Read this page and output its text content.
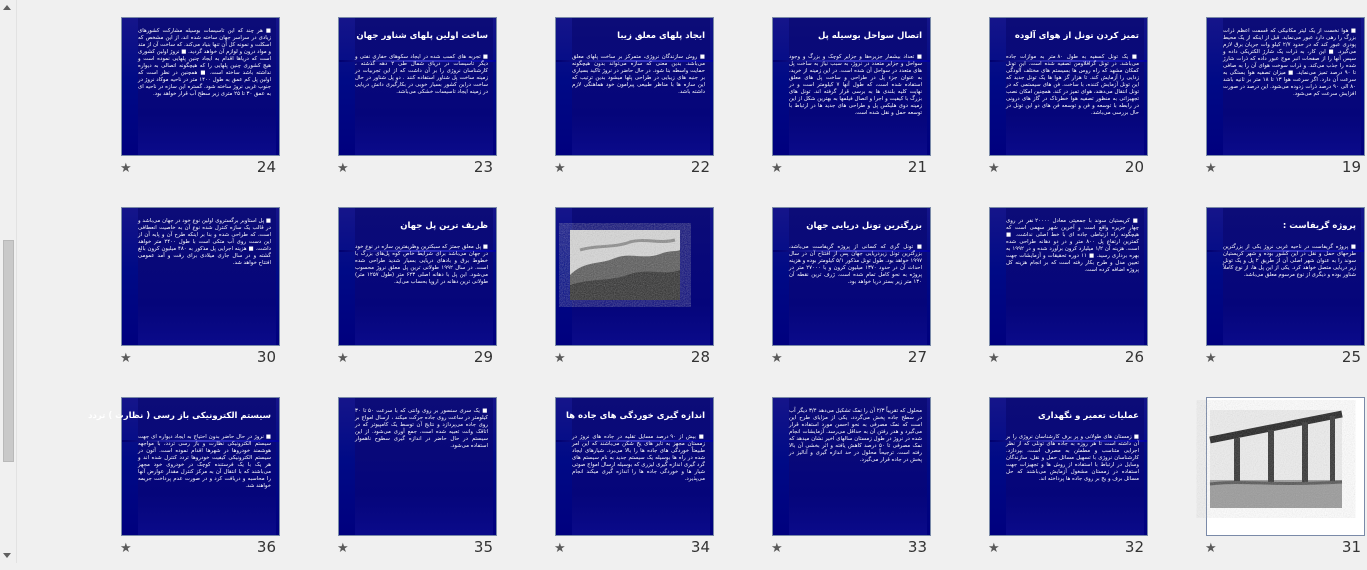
■ هوا نخست از یک لیتر مکانیکی که قسمت اعظم ذرات بزرگ را رهی دارد عبور می‌نماید. قبل از اینکه از یک محیط پودری عبور کند که در حدود ۲/۷ کیلو وات جریان برق لازم می‌گیرد. ■ این کار، به ذرات یک شارژ الکتریکی داده و سپس آنها را از صفحات انبر موج عبور داده که ذرات شارژ شده را جذب می‌کند. و ذرات سوخت هوای آن را به صافی تا ۹۰ درصد تمیز می‌نماید. ■ میزان تصفیه هوا بستگی به سرعت آن دارد. اگر سرعت هوا ۱۳ تا ۱۸ متر بر ثانیه باشد ۸۰ الی ۹۰ درصد ذرات زدوده می‌شود. این درصد در صورت افزایش سرعت کم می‌شود.
★	19
تمیز کردن تونل از هوای آلوده
■ یک تونل کسفیه به طول ۸۰ متر به موازات جاده می‌باشد. در تونل گرافلاومن تصفیه شده است. این تونل کمکان مشهد که راه روس ها بسیستم های مختلف آلودگی زدایی را آزمایش کند. تا هزار گز هوا ها یک تونل جدید که این تونل آزمایش کننده، با ساخت. فن های سیستمی که در تونل انتقال می‌دهند، هوای تمیز در کند. همچنین امکان نصب تجهیزاتی به منظور تصفیه هوا خطرناک در گاز های درونی در رابطه با توسعه و فن و توسعه فن های دو این تونل در حال بررسی می‌باشد.
★	20
اتصال سواحل بوسیله پل
■ تعداد بیشمار جزیره‌ها و جزایر کوچک و بزرگ و وجود سواحل و جزایر متعدد در نروژ، به سبب نیاز به ساخت پل های متعدد در سواحل آن شده است. در این زمینه از خرید، به عنوان جزء پل در طراحی و ساخت پل های معلق استفاده شده است، که طول آنها ۷ کیلومتر است و در نهایت کلیه بلندی ها به برسی قرار گرفته اند. تونل های بزرگ با کیفیت و اجرا و اتصال فیلمها به بهترین شکل از این زمینه دوی هلیکس پل و طراحی های جدید ها در ارتباط با توسعه حمل و نقل شده است.
★	21
ایجاد پلهای معلق زیبا
■ روش سازندگان نروژی، متمرکز بر ساخت پلهای معلق می‌باشد. بدین معنی که سازه می‌تواند بدون هیچگونه حمایت واسطه بنا شود. در حال حاضر در نروژ تاکید بسیاری بر جنبه های زیبایی در طراحی پلها میشود بدین ترتیب که این سازه ها با مناظر طبیعی پیرامون خود هماهنگی لازم داشته باشد.
★	22
ساخت اولین پلهای شناور جهان
■ تجربه های کسب شده در ایجاد سکوهای حفاری نفتی و دیگر تاسیسات در دریای شمال طی ۲ دهه گذشته ، کارشناسان نروژی را بر آن داشت که از این تجربیات در زمینه ساخت پل شناور استفاده کنند . دو پل شناور در حال ساخت دراین کشور بسیار خوبی در بکارگیری دانش دریایی در زمینه ایجاد تاسیسات خشکی می‌باشد.
★	23
■ هر چند که این تاسیسات بوسیله مشارکت کشورهای زیادی در سراسر جهان ساخته شده اند، از این مشخص که اسکلت و نمونه کل آن تنها بنیاد می‌کند. که ساخت آن از متد و مواد درون و لوازم آن خواهد گردید. ■ نروژ اولین کشوری است که دریاها اقدام به ایجاد چنین پلهایی نموده است و هیچ کشوری چنین پلهایی را که هیچگونه اتصالی به دیواره نداشته باشد ساخته است. ■ همچنین در نظر است که اولین پل کم عمق به طول ۱۴۰۰ متر در ناحیه موکاد نروژ در جنوب غربی نروژ ساخته شود. گستره این سازه در ناحیه ای به عمق ۳۰ تا ۲۵ متری زیر سطح آب قرار خواهد بود.
★	24
پروژه گریفاست :
■ پروژه گریفاست در ناحیه غربی نروژ یکی از بزرگترین طرحهای حمل و نقل در این کشور بوده و شهر کریستیان سوند را به عنوان شهر اصلی آن از طریق ۲ پل و یک تونل زیر دریایی متصل خواهد کرد. یکی از این پل ها، از نوع کاملاً شناور بوده و دیگری از نوع مرسوم معلق می‌باشد.
★	25
■ کریستیان سوند با جمعیتی معادل ۲۰۰۰۰ نفر در روی چهار جزیره واقع است و آخرین شهر سهمی است که هیچگونه راه ارتباطی جاده ای با خط اصلی نداشت. ■ کمترین ارتفاع پل ۸۰۰ متر و در دو دهانه طراحی شده است. هزینه آن ۱/۲ میلیارد کرون برآورد شده و در ۱۹۹۲ به بهره برداری رسید. ■ ۱۱ دوره تحقیقات و آزمایشات جهت تعیین مدل و طرح بکار رفته است که بر انجام هزینه کل پروژه اضافه کرده است.
★	26
بزرگترین تونل دریایی جهان
■ تونل گری که کسانی از پروژه گریفاست می‌باشد، بزرگترین تونل زیردریایی جهان پس از افتتاح آن در سال ۱۹۹۷ خواهد بود. طول تونل مذکور ۵/۱ کیلومتر بوده و هزینه احداث آن در حدود ۱۳۷۰ میلیون کرون و با ۲۷۰۰۰ متر در پروژه به نحو کامل تمام شده است. ژرف ترین نقطه آن ۱۳۰ متر زیر بستر دریا خواهد بود.
★	27
★	28
ظریف ترین پل جهان
■ پل معلق جمتز که سبکترین وظریفترین سازه در نوع خود در جهان می‌باشد برای شرایط خاص کوه پل‌های بزرگ با خطوط برق و بادهای دریایی بسیار شدید طراحی شده است. در سال ۱۹۹۲ طولانی ترین پل معلق نروژ محسوب می‌شود. این پل با دهانه اصلی ۶۲۳ متر (طول ۱۲۵۷ متر) طولانی ترین دهانه در اروپا بحساب می‌آید.
★	29
■ پل استاوبر برگستروی اولین نوع خود در جهان می‌باشد و در قالب یک سازه کنترل شده نوع آن به خاصیت انعطافی است، که طراحی شده و بنا بر اینکه طرح آن و پایه آن از این دست روی آب متکی است با طول ۲۴۰۰ متر خواهد داشت. ■ هزینه اجرایی پل مذکور به ۴۸۰ میلیون کرون بالغ گشته و در سال جاری میلادی برای رفت و آمد عمومی افتتاح خواهد شد.
★	30
★	31
عملیات تعمیر و نگهداری
■ زمستان های طولانی و پر برف کارشناسان نروژی را بر آن داشته است تا هر روزه به جاده های تونلی که از نظر اجرایی متناسب و مطمئن به مصرف است، بپردازد. کارشناسان نروژی با تسهیل مسائل حمل و نقل، سازندگان وسایل در ارتباط با استفاده از روش ها و تجهیزات جهت استفاده در زمستان مشغول آزمایش می‌باشند که حل مسائل برف و یخ بر روی جاده ها پرداخته اند.
★	32
محلول که تقریباً ۲/۳ آن را نمک تشکیل می‌دهد ۳/۴ دیگر آب در سطح جاده پخش می‌گردد، یکی از مزایای طرح این است که نمک مصرفی به نحو احسن مورد استفاده قرار می‌گیرد و هدر رفتن آن به حداقل می‌رسد. آزمایشات انجام شده در نروژ در طول زمستان سالهای اخیر نشان میدهد که نمک مصرفی تا ۵۰ درصد کاهش یافته و اثر بخشی آن بالا رفته است. ترجیحاً محلول در حد اندازه گیری و آنالیز در پخش در جاده قرار می‌گیرد.
★	33
اندازه گیری خوردگی های جاده ها
■ بیش از ۹۰ درصد مسایل تقلیه در جاده های نروژ در زمستان مجهز به تایر های یخ شکن می‌باشند که این امر طبیعتاً خوردگی های جاده ها را بالا می‌برد. شیارهای ایجاد شده در راه ها بوسیله یک سیستم جدید به نام سیستم های گرد گیری اندازه گیری لیزری که بوسیله ارسال امواج صوتی شیار ها و خوردگی جاده ها را اندازه گیری میکند انجام می‌پذیرد.
★	34
■ یک سری سنسور بر روی وانتی که با سرعت ۵۰ تا ۳۰ کیلومتر در ساعت روی جاده حرکت میکند ، ارسال امواج بر روی جاده می‌پردازد و نتایج آن توسط یک کامپیوتر که در اتاقک وانت تعبیه شده است، جمع آوری می‌شود. از این سیستم در حال حاضر در اندازه گیری سطوح ناهموار استفاده می‌شود.
★	35
سیستم الکترونیکی باز رسی ( نظارت ) تردد
■ نروژ در حال حاضر بدون احتیاج به ایجاد دیواره ای جهت سیستم الکترونیکی نظارت و باز رسی تردد، با مواجهه هوشمند خودروها در شهرها اقدام نموده است. آتون در سیستم الکترونیکی کیفیت خودروها تردد کنترل شده اند و هر یک با یک فرستنده کوچک در خودروی خود مجهز می‌باشند که با انتقال آن به مرکز کنترل مقدار عوارض آنها را محاسبه و دریافت کرد و در صورت عدم پرداخت جریمه خواهند شد.
★	36
